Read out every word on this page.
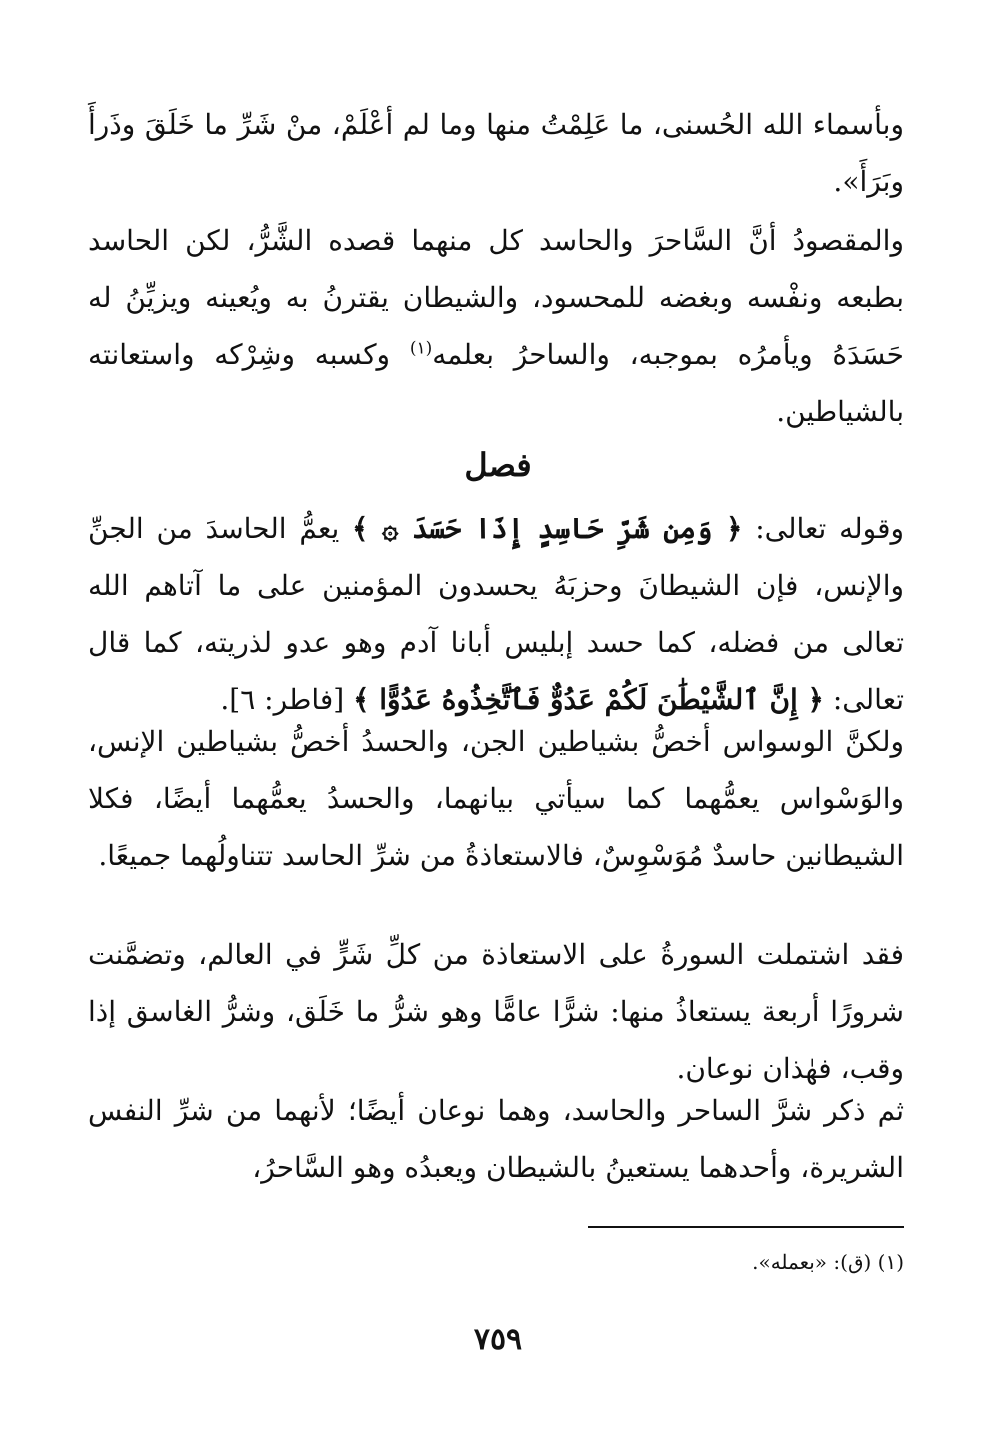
وبأسماء الله الحُسنى، ما عَلِمْتُ منها وما لم أعْلَمْ، منْ شَرِّ ما خَلَقَ وذَرأَ وبَرَأَ».

والمقصودُ أنَّ السَّاحرَ والحاسد كل منهما قصده الشَّرُّ، لكن الحاسد بطبعه ونفْسه وبغضه للمحسود، والشيطان يقترنُ به ويُعينه ويزيِّنُ له حَسَدَهُ ويأمرُه بموجبه، والساحرُ بعلمه$^{(١)}$ وكسبه وشِرْكه واستعانته بالشياطين.

فصل

وقوله تعالى: ﴿ وَمِن شَرِّ حَاسِدٍ إِذَا حَسَدَ ۞ ﴾ يعمُّ الحاسدَ من الجنِّ والإنس، فإن الشيطانَ وحزبَهُ يحسدون المؤمنين على ما آتاهم الله تعالى من فضله، كما حسد إبليس أبانا آدم وهو عدو لذريته، كما قال تعالى: ﴿ إِنَّ ٱلشَّيْطَٰنَ لَكُمْ عَدُوٌّ فَٱتَّخِذُوهُ عَدُوًّا ﴾ [فاطر: ٦].

ولكنَّ الوسواس أخصُّ بشياطين الجن، والحسدُ أخصُّ بشياطين الإنس، والوَسْواس يعمُّهما كما سيأتي بيانهما، والحسدُ يعمُّهما أيضًا، فكلا الشيطانين حاسدٌ مُوَسْوِسٌ، فالاستعاذةُ من شرِّ الحاسد تتناولُهما جميعًا.

فقد اشتملت السورةُ على الاستعاذة من كلِّ شَرٍّ في العالم، وتضمَّنت شرورًا أربعة يستعاذُ منها: شرًّا عامًّا وهو شرُّ ما خَلَق، وشرُّ الغاسق إذا وقب، فهٰذان نوعان.

ثم ذكر شرَّ الساحر والحاسد، وهما نوعان أيضًا؛ لأنهما من شرِّ النفس الشريرة، وأحدهما يستعينُ بالشيطان ويعبدُه وهو السَّاحرُ،

(١) (ق): «بعمله».

٧٥٩
